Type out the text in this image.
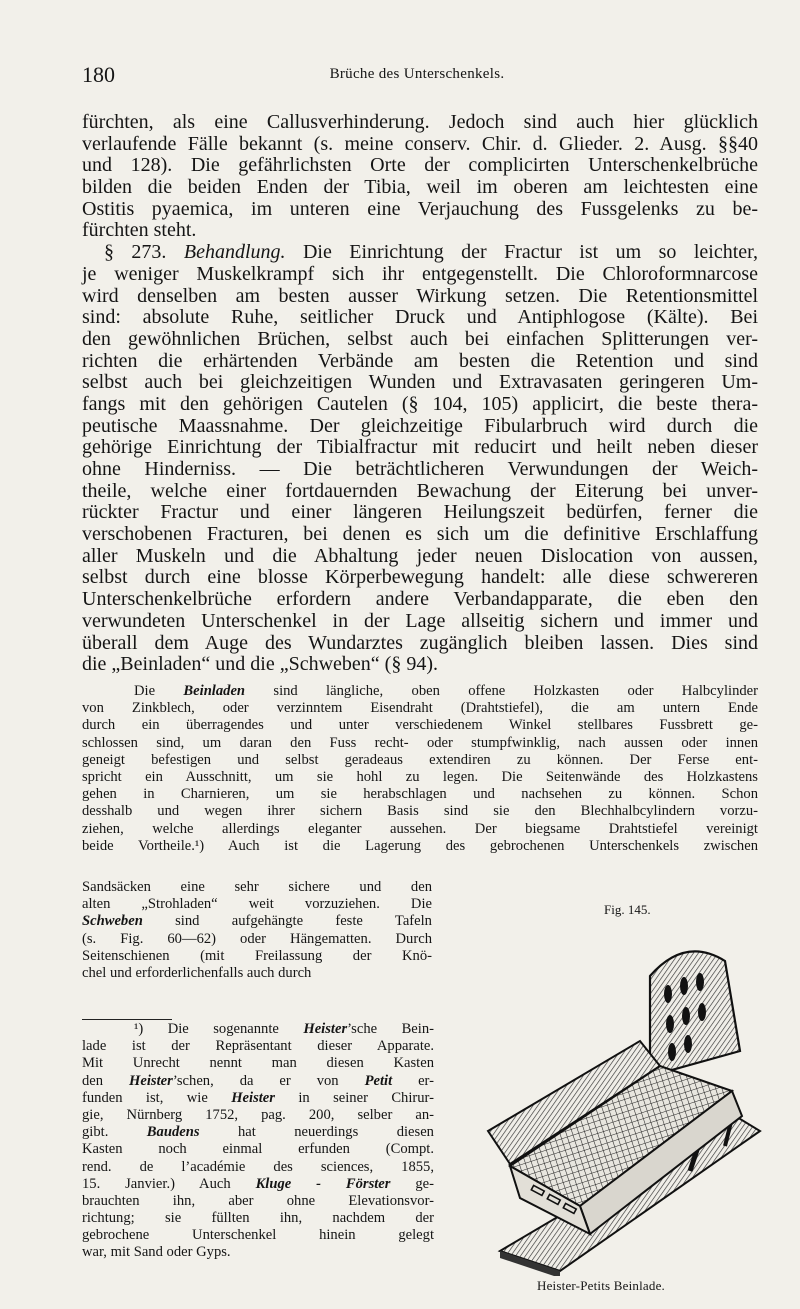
180	Brüche des Unterschenkels.
fürchten, als eine Callusverhinderung. Jedoch sind auch hier glücklich
verlaufende Fälle bekannt (s. meine conserv. Chir. d. Glieder. 2. Ausg. §§40
und 128). Die gefährlichsten Orte der complicirten Unterschenkelbrüche
bilden die beiden Enden der Tibia, weil im oberen am leichtesten eine
Ostitis pyaemica, im unteren eine Verjauchung des Fussgelenks zu be-
fürchten steht.
§ 273. Behandlung. Die Einrichtung der Fractur ist um so leichter,
je weniger Muskelkrampf sich ihr entgegenstellt. Die Chloroformnarcose
wird denselben am besten ausser Wirkung setzen. Die Retentionsmittel
sind: absolute Ruhe, seitlicher Druck und Antiphlogose (Kälte). Bei
den gewöhnlichen Brüchen, selbst auch bei einfachen Splitterungen ver-
richten die erhärtenden Verbände am besten die Retention und sind
selbst auch bei gleichzeitigen Wunden und Extravasaten geringeren Um-
fangs mit den gehörigen Cautelen (§ 104, 105) applicirt, die beste thera-
peutische Maassnahme. Der gleichzeitige Fibularbruch wird durch die
gehörige Einrichtung der Tibialfractur mit reducirt und heilt neben dieser
ohne Hinderniss. — Die beträchtlicheren Verwundungen der Weich-
theile, welche einer fortdauernden Bewachung der Eiterung bei unver-
rückter Fractur und einer längeren Heilungszeit bedürfen, ferner die
verschobenen Fracturen, bei denen es sich um die definitive Erschlaffung
aller Muskeln und die Abhaltung jeder neuen Dislocation von aussen,
selbst durch eine blosse Körperbewegung handelt: alle diese schwereren
Unterschenkelbrüche erfordern andere Verbandapparate, die eben den
verwundeten Unterschenkel in der Lage allseitig sichern und immer und
überall dem Auge des Wundarztes zugänglich bleiben lassen. Dies sind
die „Beinladen“ und die „Schweben“ (§ 94).
Die Beinladen sind längliche, oben offene Holzkasten oder Halbcylinder
von Zinkblech, oder verzinntem Eisendraht (Drahtstiefel), die am untern Ende
durch ein überragendes und unter verschiedenem Winkel stellbares Fussbrett ge-
schlossen sind, um daran den Fuss recht- oder stumpfwinklig, nach aussen oder innen
geneigt befestigen und selbst geradeaus extendiren zu können. Der Ferse ent-
spricht ein Ausschnitt, um sie hohl zu legen. Die Seitenwände des Holzkastens
gehen in Charnieren, um sie herabschlagen und nachsehen zu können. Schon
desshalb und wegen ihrer sichern Basis sind sie den Blechhalbcylindern vorzu-
ziehen, welche allerdings eleganter aussehen. Der biegsame Drahtstiefel vereinigt
beide Vortheile.¹) Auch ist die Lagerung des gebrochenen Unterschenkels zwischen
Sandsäcken eine sehr sichere und den
alten „Strohladen“ weit vorzuziehen. Die
Schweben sind aufgehängte feste Tafeln
(s. Fig. 60—62) oder Hängematten. Durch
Seitenschienen (mit Freilassung der Knö-
chel und erforderlichenfalls auch durch
¹) Die sogenannte Heister’sche Bein-
lade ist der Repräsentant dieser Apparate.
Mit Unrecht nennt man diesen Kasten
den Heister’schen, da er von Petit er-
funden ist, wie Heister in seiner Chirur-
gie, Nürnberg 1752, pag. 200, selber an-
gibt.	Baudens	hat neuerdings diesen
Kasten noch einmal erfunden (Compt.
rend. de l’académie des sciences, 1855,
15. Janvier.) Auch Kluge - Förster ge-
brauchten ihn, aber ohne Elevationsvor-
richtung; sie füllten ihn, nachdem der
gebrochene Unterschenkel hinein gelegt
war, mit Sand oder Gyps.
Fig. 145.
Heister-Petits Beinlade.
